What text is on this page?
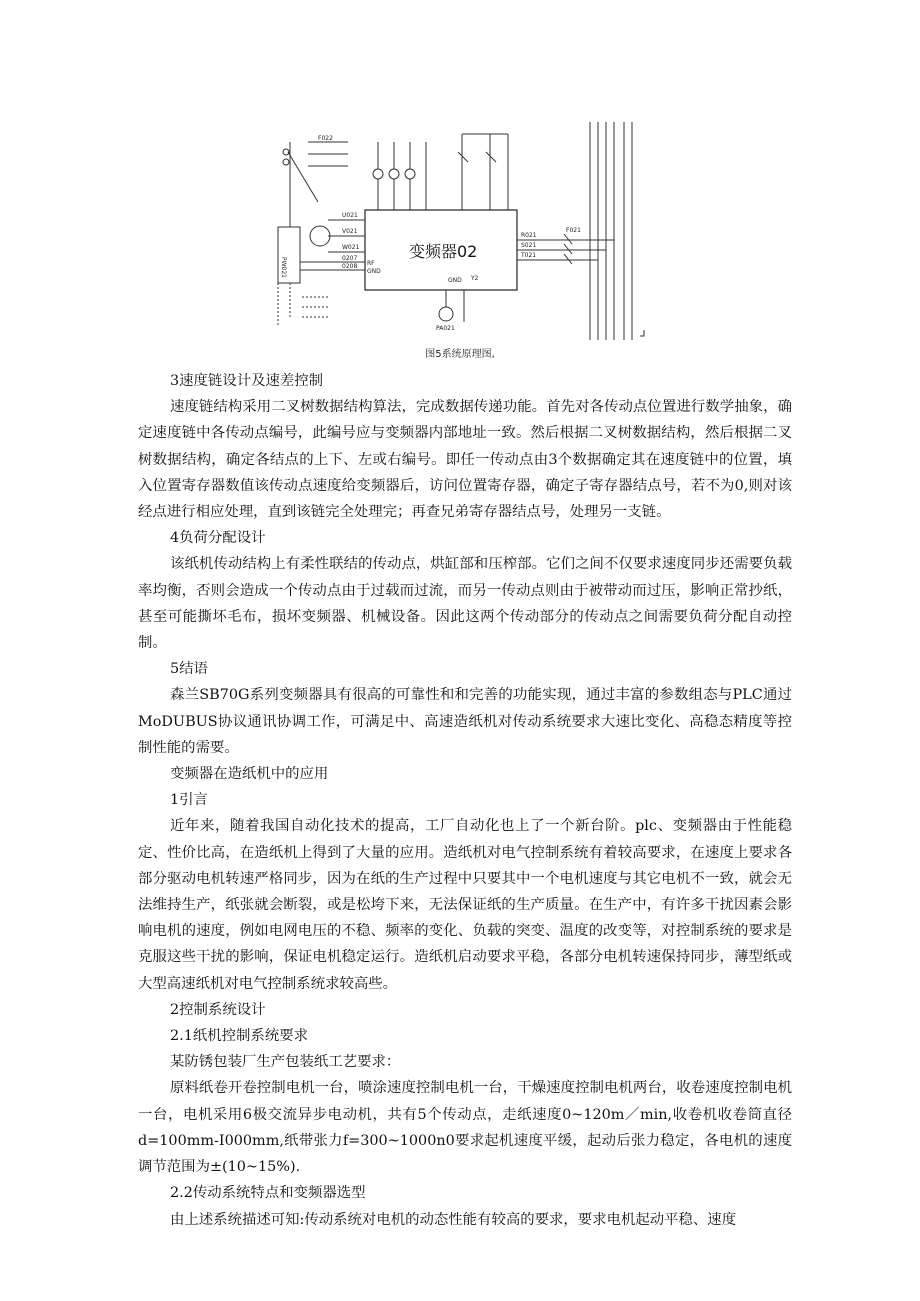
变频器02
PW021
F022
F021
PA021
RF
GND
U021
V021
W021
0207
0208
R021
S021
T021
GND Y2
图5系统原理图,

3速度链设计及速差控制

速度链结构采用二叉树数据结构算法，完成数据传递功能。首先对各传动点位置进行数学抽象，确定速度链中各传动点编号，此编号应与变频器内部地址一致。然后根据二叉树数据结构，然后根据二叉树数据结构，确定各结点的上下、左或右编号。即任一传动点由3个数据确定其在速度链中的位置，填入位置寄存器数值该传动点速度给变频器后，访问位置寄存器，确定子寄存器结点号，若不为0,则对该经点进行相应处理，直到该链完全处理完；再查兄弟寄存器结点号，处理另一支链。

4负荷分配设计

该纸机传动结构上有柔性联结的传动点，烘缸部和压榨部。它们之间不仅要求速度同步还需要负载率均衡，否则会造成一个传动点由于过载而过流，而另一传动点则由于被带动而过压，影响正常抄纸，甚至可能撕坏毛布，损坏变频器、机械设备。因此这两个传动部分的传动点之间需要负荷分配自动控制。

5结语

森兰SB70G系列变频器具有很高的可靠性和和完善的功能实现，通过丰富的参数组态与PLC通过MoDUBUS协议通讯协调工作，可满足中、高速造纸机对传动系统要求大速比变化、高稳态精度等控制性能的需要。

变频器在造纸机中的应用

1引言

近年来，随着我国自动化技术的提高，工厂自动化也上了一个新台阶。plc、变频器由于性能稳定、性价比高，在造纸机上得到了大量的应用。造纸机对电气控制系统有着较高要求，在速度上要求各部分驱动电机转速严格同步，因为在纸的生产过程中只要其中一个电机速度与其它电机不一致，就会无法维持生产，纸张就会断裂，或是松垮下来，无法保证纸的生产质量。在生产中，有许多干扰因素会影响电机的速度，例如电网电压的不稳、频率的变化、负载的突变、温度的改变等，对控制系统的要求是克服这些干扰的影响，保证电机稳定运行。造纸机启动要求平稳，各部分电机转速保持同步，薄型纸或大型高速纸机对电气控制系统求较高些。

2控制系统设计

2.1纸机控制系统要求

某防锈包装厂生产包装纸工艺要求：

原料纸卷开卷控制电机一台，喷涂速度控制电机一台，干燥速度控制电机两台，收卷速度控制电机一台，电机采用6极交流异步电动机，共有5个传动点，走纸速度0~120m／min,收卷机收卷筒直径d=100mm-I000mm,纸带张力f=300~1000n0要求起机速度平缓，起动后张力稳定，各电机的速度调节范围为±(10~15%).

2.2传动系统特点和变频器选型

由上述系统描述可知:传动系统对电机的动态性能有较高的要求，要求电机起动平稳、速度
